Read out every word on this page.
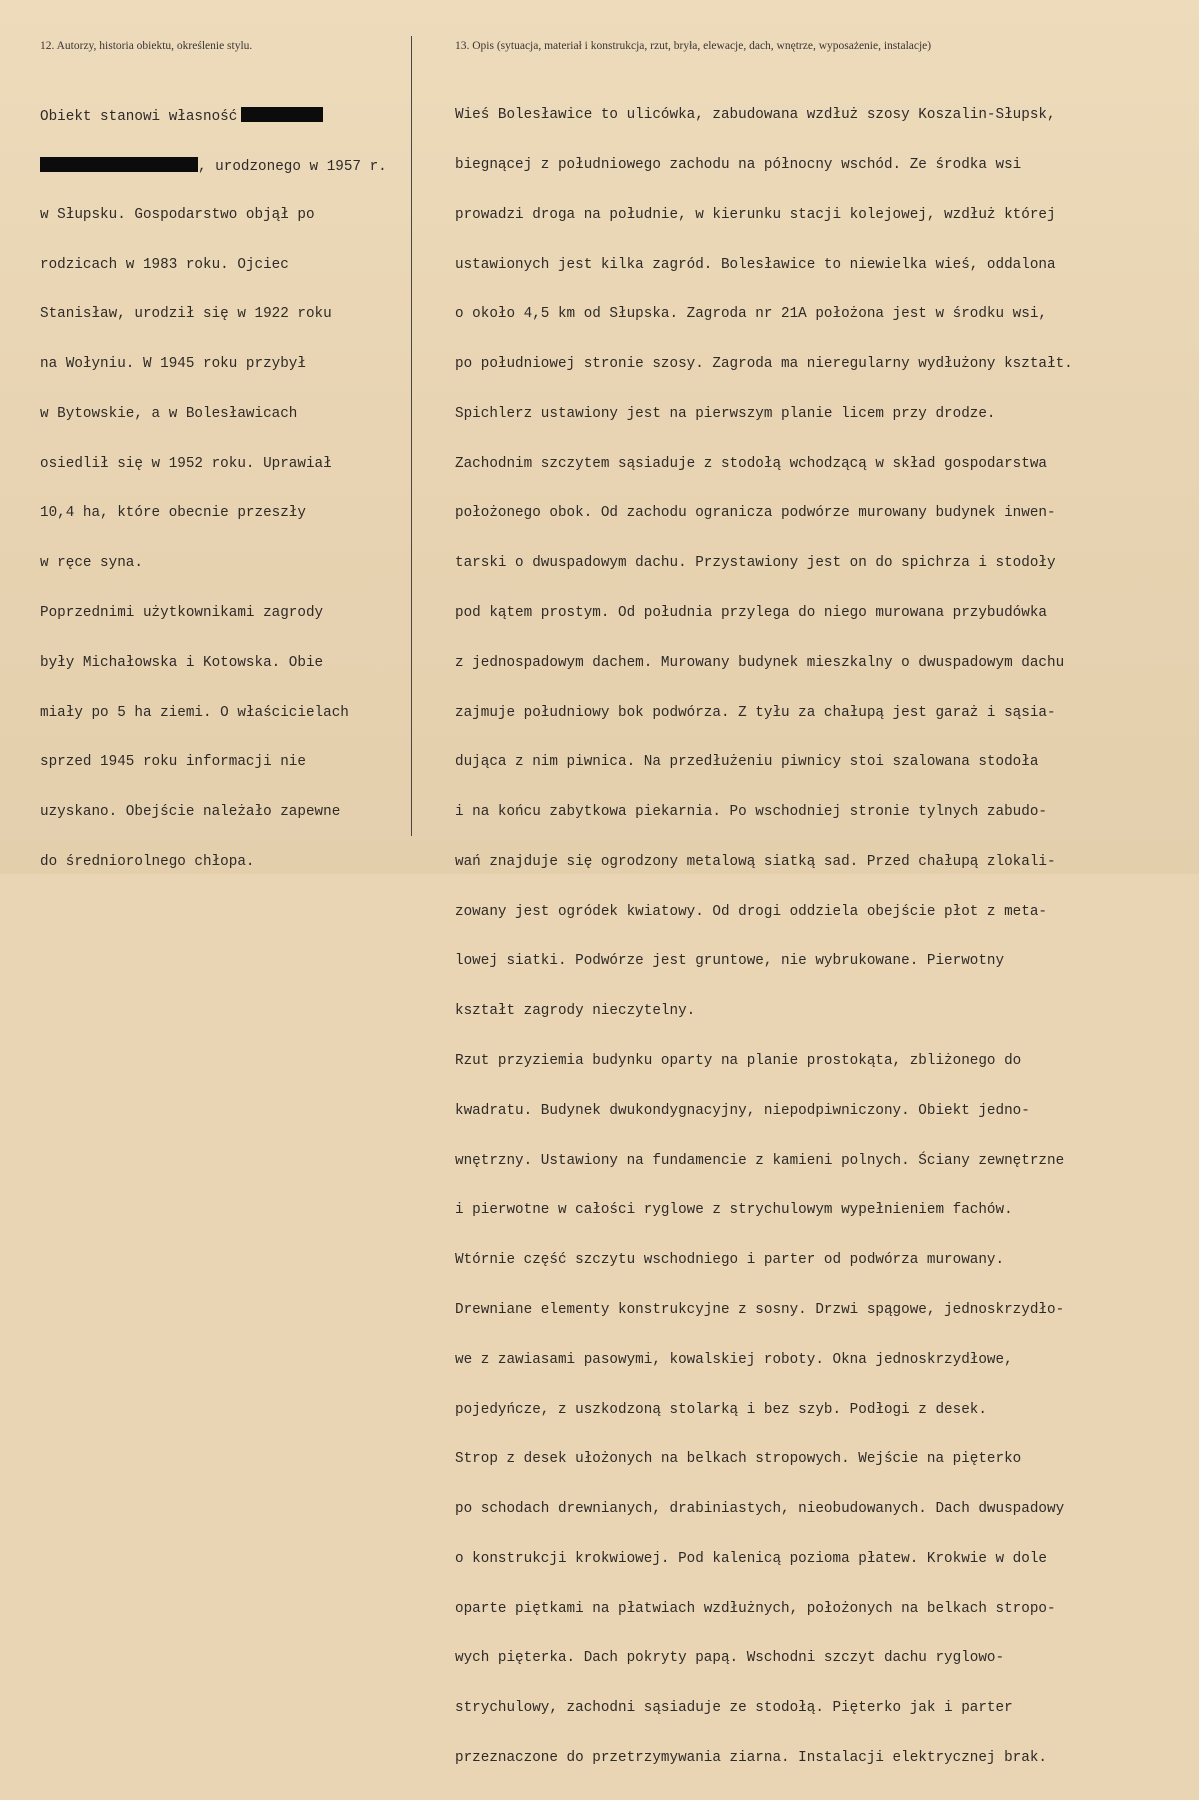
12. Autorzy, historia obiektu, określenie stylu.	13. Opis (sytuacja, materiał i konstrukcja, rzut, bryła, elewacje, dach, wnętrze, wyposażenie, instalacje)

Obiekt stanowi własność

, urodzonego w 1957 r.

w Słupsku. Gospodarstwo objął po

rodzicach w 1983 roku. Ojciec

Stanisław, urodził się w 1922 roku

na Wołyniu. W 1945 roku przybył

w Bytowskie, a w Bolesławicach

osiedlił się w 1952 roku. Uprawiał

10,4 ha, które obecnie przeszły

w ręce syna.

Poprzednimi użytkownikami zagrody

były Michałowska i Kotowska. Obie

miały po 5 ha ziemi. O właścicielach

sprzed 1945 roku informacji nie

uzyskano. Obejście należało zapewne

do średniorolnego chłopa.

Wieś Bolesławice to ulicówka, zabudowana wzdłuż szosy Koszalin-Słupsk,

biegnącej z południowego zachodu na północny wschód. Ze środka wsi

prowadzi droga na południe, w kierunku stacji kolejowej, wzdłuż której

ustawionych jest kilka zagród. Bolesławice to niewielka wieś, oddalona

o około 4,5 km od Słupska. Zagroda nr 21A położona jest w środku wsi,

po południowej stronie szosy. Zagroda ma nieregularny wydłużony kształt.

Spichlerz ustawiony jest na pierwszym planie licem przy drodze.

Zachodnim szczytem sąsiaduje z stodołą wchodzącą w skład gospodarstwa

położonego obok. Od zachodu ogranicza podwórze murowany budynek inwen-

tarski o dwuspadowym dachu. Przystawiony jest on do spichrza i stodoły

pod kątem prostym. Od południa przylega do niego murowana przybudówka

z jednospadowym dachem. Murowany budynek mieszkalny o dwuspadowym dachu

zajmuje południowy bok podwórza. Z tyłu za chałupą jest garaż i sąsia-

dująca z nim piwnica. Na przedłużeniu piwnicy stoi szalowana stodoła

i na końcu zabytkowa piekarnia. Po wschodniej stronie tylnych zabudo-

wań znajduje się ogrodzony metalową siatką sad. Przed chałupą zlokali-

zowany jest ogródek kwiatowy. Od drogi oddziela obejście płot z meta-

lowej siatki. Podwórze jest gruntowe, nie wybrukowane. Pierwotny

kształt zagrody nieczytelny.

Rzut przyziemia budynku oparty na planie prostokąta, zbliżonego do

kwadratu. Budynek dwukondygnacyjny, niepodpiwniczony. Obiekt jedno-

wnętrzny. Ustawiony na fundamencie z kamieni polnych. Ściany zewnętrzne

i pierwotne w całości ryglowe z strychulowym wypełnieniem fachów.

Wtórnie część szczytu wschodniego i parter od podwórza murowany.

Drewniane elementy konstrukcyjne z sosny. Drzwi spągowe, jednoskrzydło-

we z zawiasami pasowymi, kowalskiej roboty. Okna jednoskrzydłowe,

pojedyńcze, z uszkodzoną stolarką i bez szyb. Podłogi z desek.

Strop z desek ułożonych na belkach stropowych. Wejście na pięterko

po schodach drewnianych, drabiniastych, nieobudowanych. Dach dwuspadowy

o konstrukcji krokwiowej. Pod kalenicą pozioma płatew. Krokwie w dole

oparte piętkami na płatwiach wzdłużnych, położonych na belkach stropo-

wych pięterka. Dach pokryty papą. Wschodni szczyt dachu ryglowo-

strychulowy, zachodni sąsiaduje ze stodołą. Pięterko jak i parter

przeznaczone do przetrzymywania ziarna. Instalacji elektrycznej brak.
